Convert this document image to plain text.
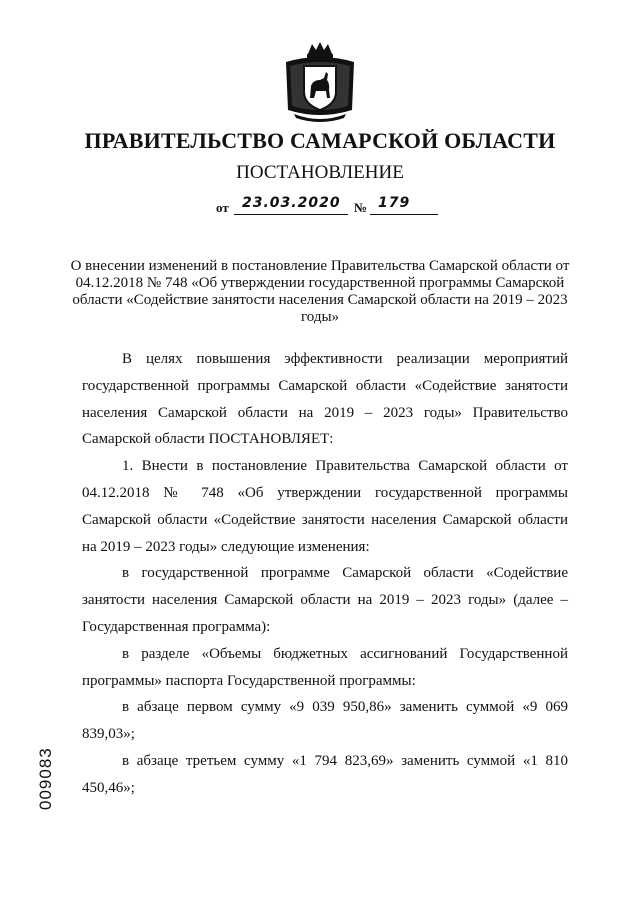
ПРАВИТЕЛЬСТВО САМАРСКОЙ ОБЛАСТИ
ПОСТАНОВЛЕНИЕ
от 23.03.2020 № 179
О внесении изменений в постановление Правительства Самарской области от 04.12.2018 № 748 «Об утверждении государственной программы Самарской области «Содействие занятости населения Самарской области на 2019 – 2023 годы»

В целях повышения эффективности реализации мероприятий государственной программы Самарской области «Содействие занятости населения Самарской области на 2019 – 2023 годы» Правительство Самарской области ПОСТАНОВЛЯЕТ:

1. Внести в постановление Правительства Самарской области от 04.12.2018 № 748 «Об утверждении государственной программы Самарской области «Содействие занятости населения Самарской области на 2019 – 2023 годы» следующие изменения:

в государственной программе Самарской области «Содействие занятости населения Самарской области на 2019 – 2023 годы» (далее – Государственная программа):

в разделе «Объемы бюджетных ассигнований Государственной программы» паспорта Государственной программы:

в абзаце первом сумму «9 039 950,86» заменить суммой «9 069 839,03»;

в абзаце третьем сумму «1 794 823,69» заменить суммой «1 810 450,46»;

009083
